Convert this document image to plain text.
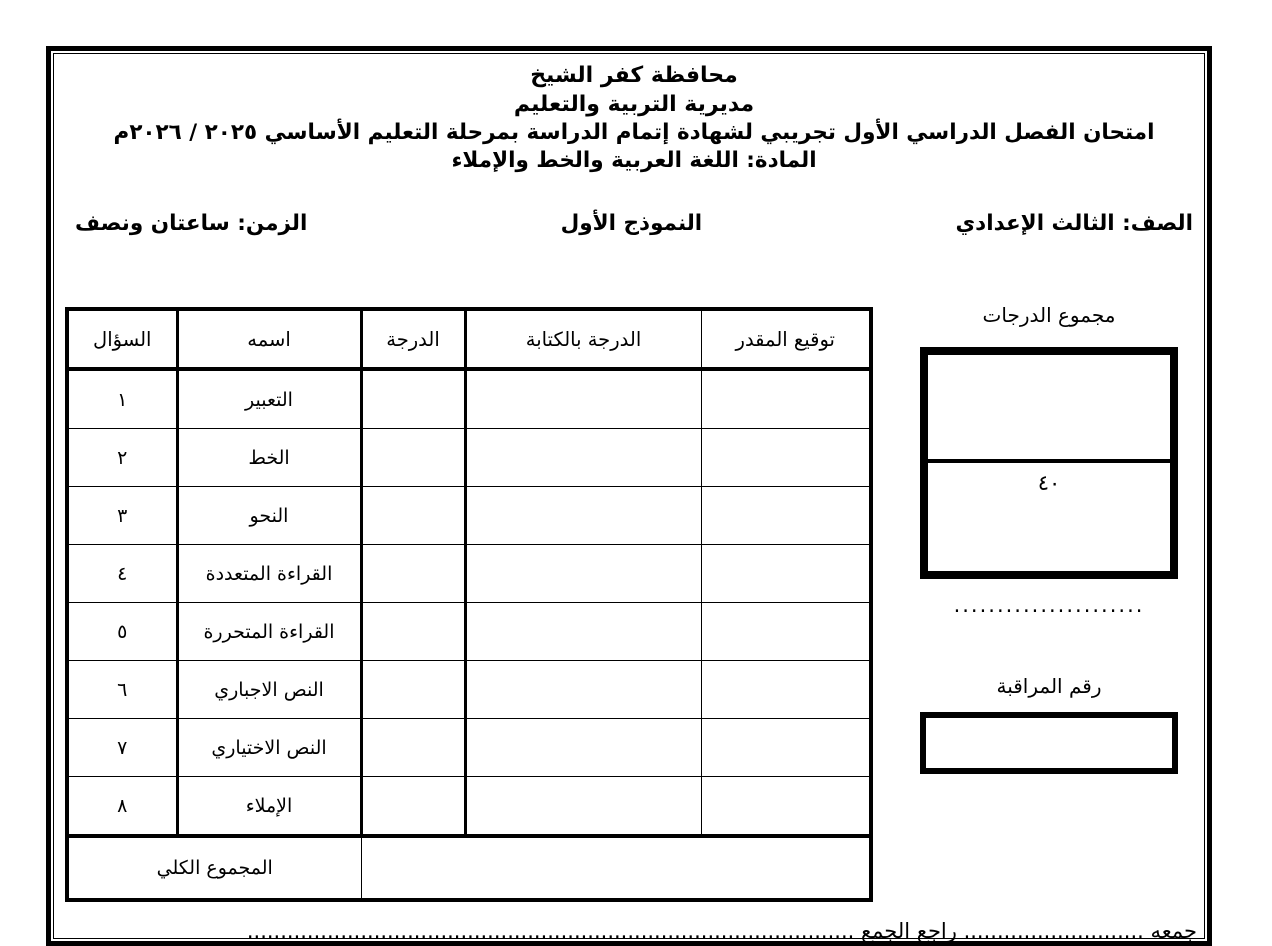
محافظة كفر الشيخ
مديرية التربية والتعليم
امتحان الفصل الدراسي الأول تجريبي لشهادة إتمام الدراسة بمرحلة التعليم الأساسي ٢٠٢٥ / ٢٠٢٦م
المادة: اللغة العربية والخط والإملاء
الصف: الثالث الإعدادي
النموذج الأول
الزمن: ساعتان ونصف
توقيع المقدر	الدرجة بالكتابة	الدرجة	اسمه	السؤال
			التعبير	١
			الخط	٢
			النحو	٣
			القراءة المتعددة	٤
			القراءة المتحررة	٥
			النص الاجباري	٦
			النص الاختياري	٧
			الإملاء	٨
			المجموع الكلي	
مجموع الدرجات
٤٠
......................
رقم المراقبة
جمعه ........................... راجع الجمع ...........................................................................................
